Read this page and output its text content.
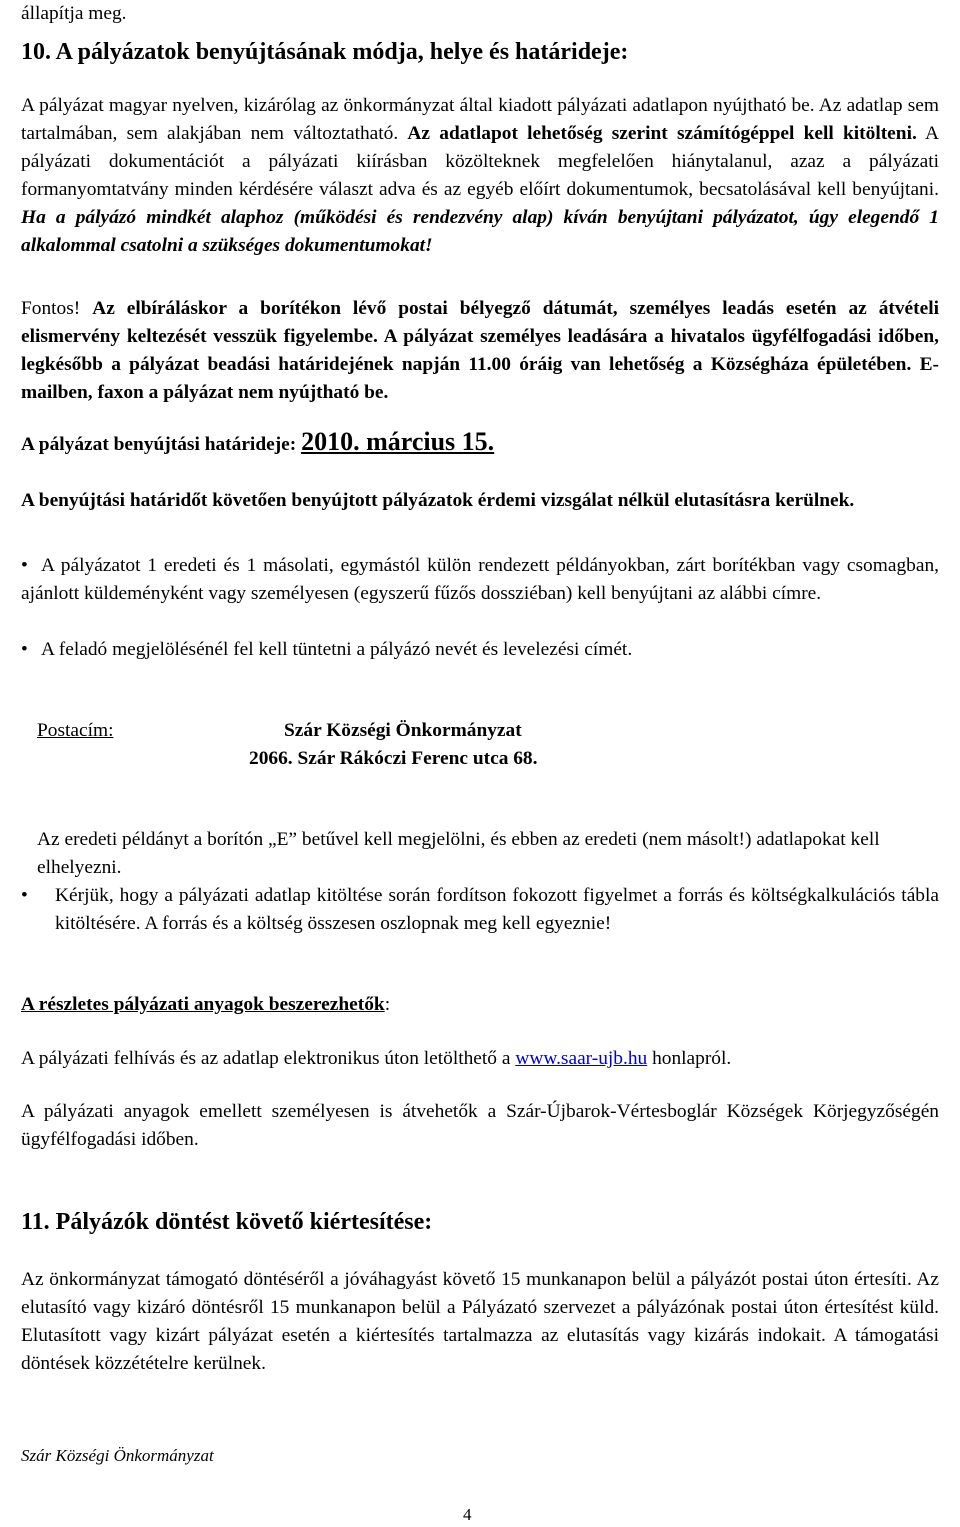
állapítja meg.

10. A pályázatok benyújtásának módja, helye és határideje:

A pályázat magyar nyelven, kizárólag az önkormányzat által kiadott pályázati adatlapon nyújtható be. Az adatlap sem tartalmában, sem alakjában nem változtatható. Az adatlapot lehetőség szerint számítógéppel kell kitölteni. A pályázati dokumentációt a pályázati kiírásban közölteknek megfelelően hiánytalanul, azaz a pályázati formanyomtatvány minden kérdésére választ adva és az egyéb előírt dokumentumok, becsatolásával kell benyújtani. Ha a pályázó mindkét alaphoz (működési és rendezvény alap) kíván benyújtani pályázatot, úgy elegendő 1 alkalommal csatolni a szükséges dokumentumokat!

Fontos! Az elbíráláskor a borítékon lévő postai bélyegző dátumát, személyes leadás esetén az átvételi elismervény keltezését vesszük figyelembe. A pályázat személyes leadására a hivatalos ügyfélfogadási időben, legkésőbb a pályázat beadási határidejének napján 11.00 óráig van lehetőség a Községháza épületében. E-mailben, faxon a pályázat nem nyújtható be.

A pályázat benyújtási határideje: 2010. március 15.

A benyújtási határidőt követően benyújtott pályázatok érdemi vizsgálat nélkül elutasításra kerülnek.

• A pályázatot 1 eredeti és 1 másolati, egymástól külön rendezett példányokban, zárt borítékban vagy csomagban, ajánlott küldeményként vagy személyesen (egyszerű fűzős dossziéban) kell benyújtani az alábbi címre.

• A feladó megjelölésénél fel kell tüntetni a pályázó nevét és levelezési címét.

Postacím:	Szár Községi Önkormányzat

2066. Szár Rákóczi Ferenc utca 68.

Az eredeti példányt a borítón „E” betűvel kell megjelölni, és ebben az eredeti (nem másolt!) adatlapokat kell elhelyezni.

•	Kérjük, hogy a pályázati adatlap kitöltése során fordítson fokozott figyelmet a forrás és költségkalkulációs tábla kitöltésére. A forrás és a költség összesen oszlopnak meg kell egyeznie!

A részletes pályázati anyagok beszerezhetők:

A pályázati felhívás és az adatlap elektronikus úton letölthető a www.saar-ujb.hu honlapról.

A pályázati anyagok emellett személyesen is átvehetők a Szár-Újbarok-Vértesboglár Községek Körjegyzőségén ügyfélfogadási időben.

11. Pályázók döntést követő kiértesítése:

Az önkormányzat támogató döntéséről a jóváhagyást követő 15 munkanapon belül a pályázót postai úton értesíti. Az elutasító vagy kizáró döntésről 15 munkanapon belül a Pályázató szervezet a pályázónak postai úton értesítést küld. Elutasított vagy kizárt pályázat esetén a kiértesítés tartalmazza az elutasítás vagy kizárás indokait. A támogatási döntések közzétételre kerülnek.

Szár Községi Önkormányzat
4
